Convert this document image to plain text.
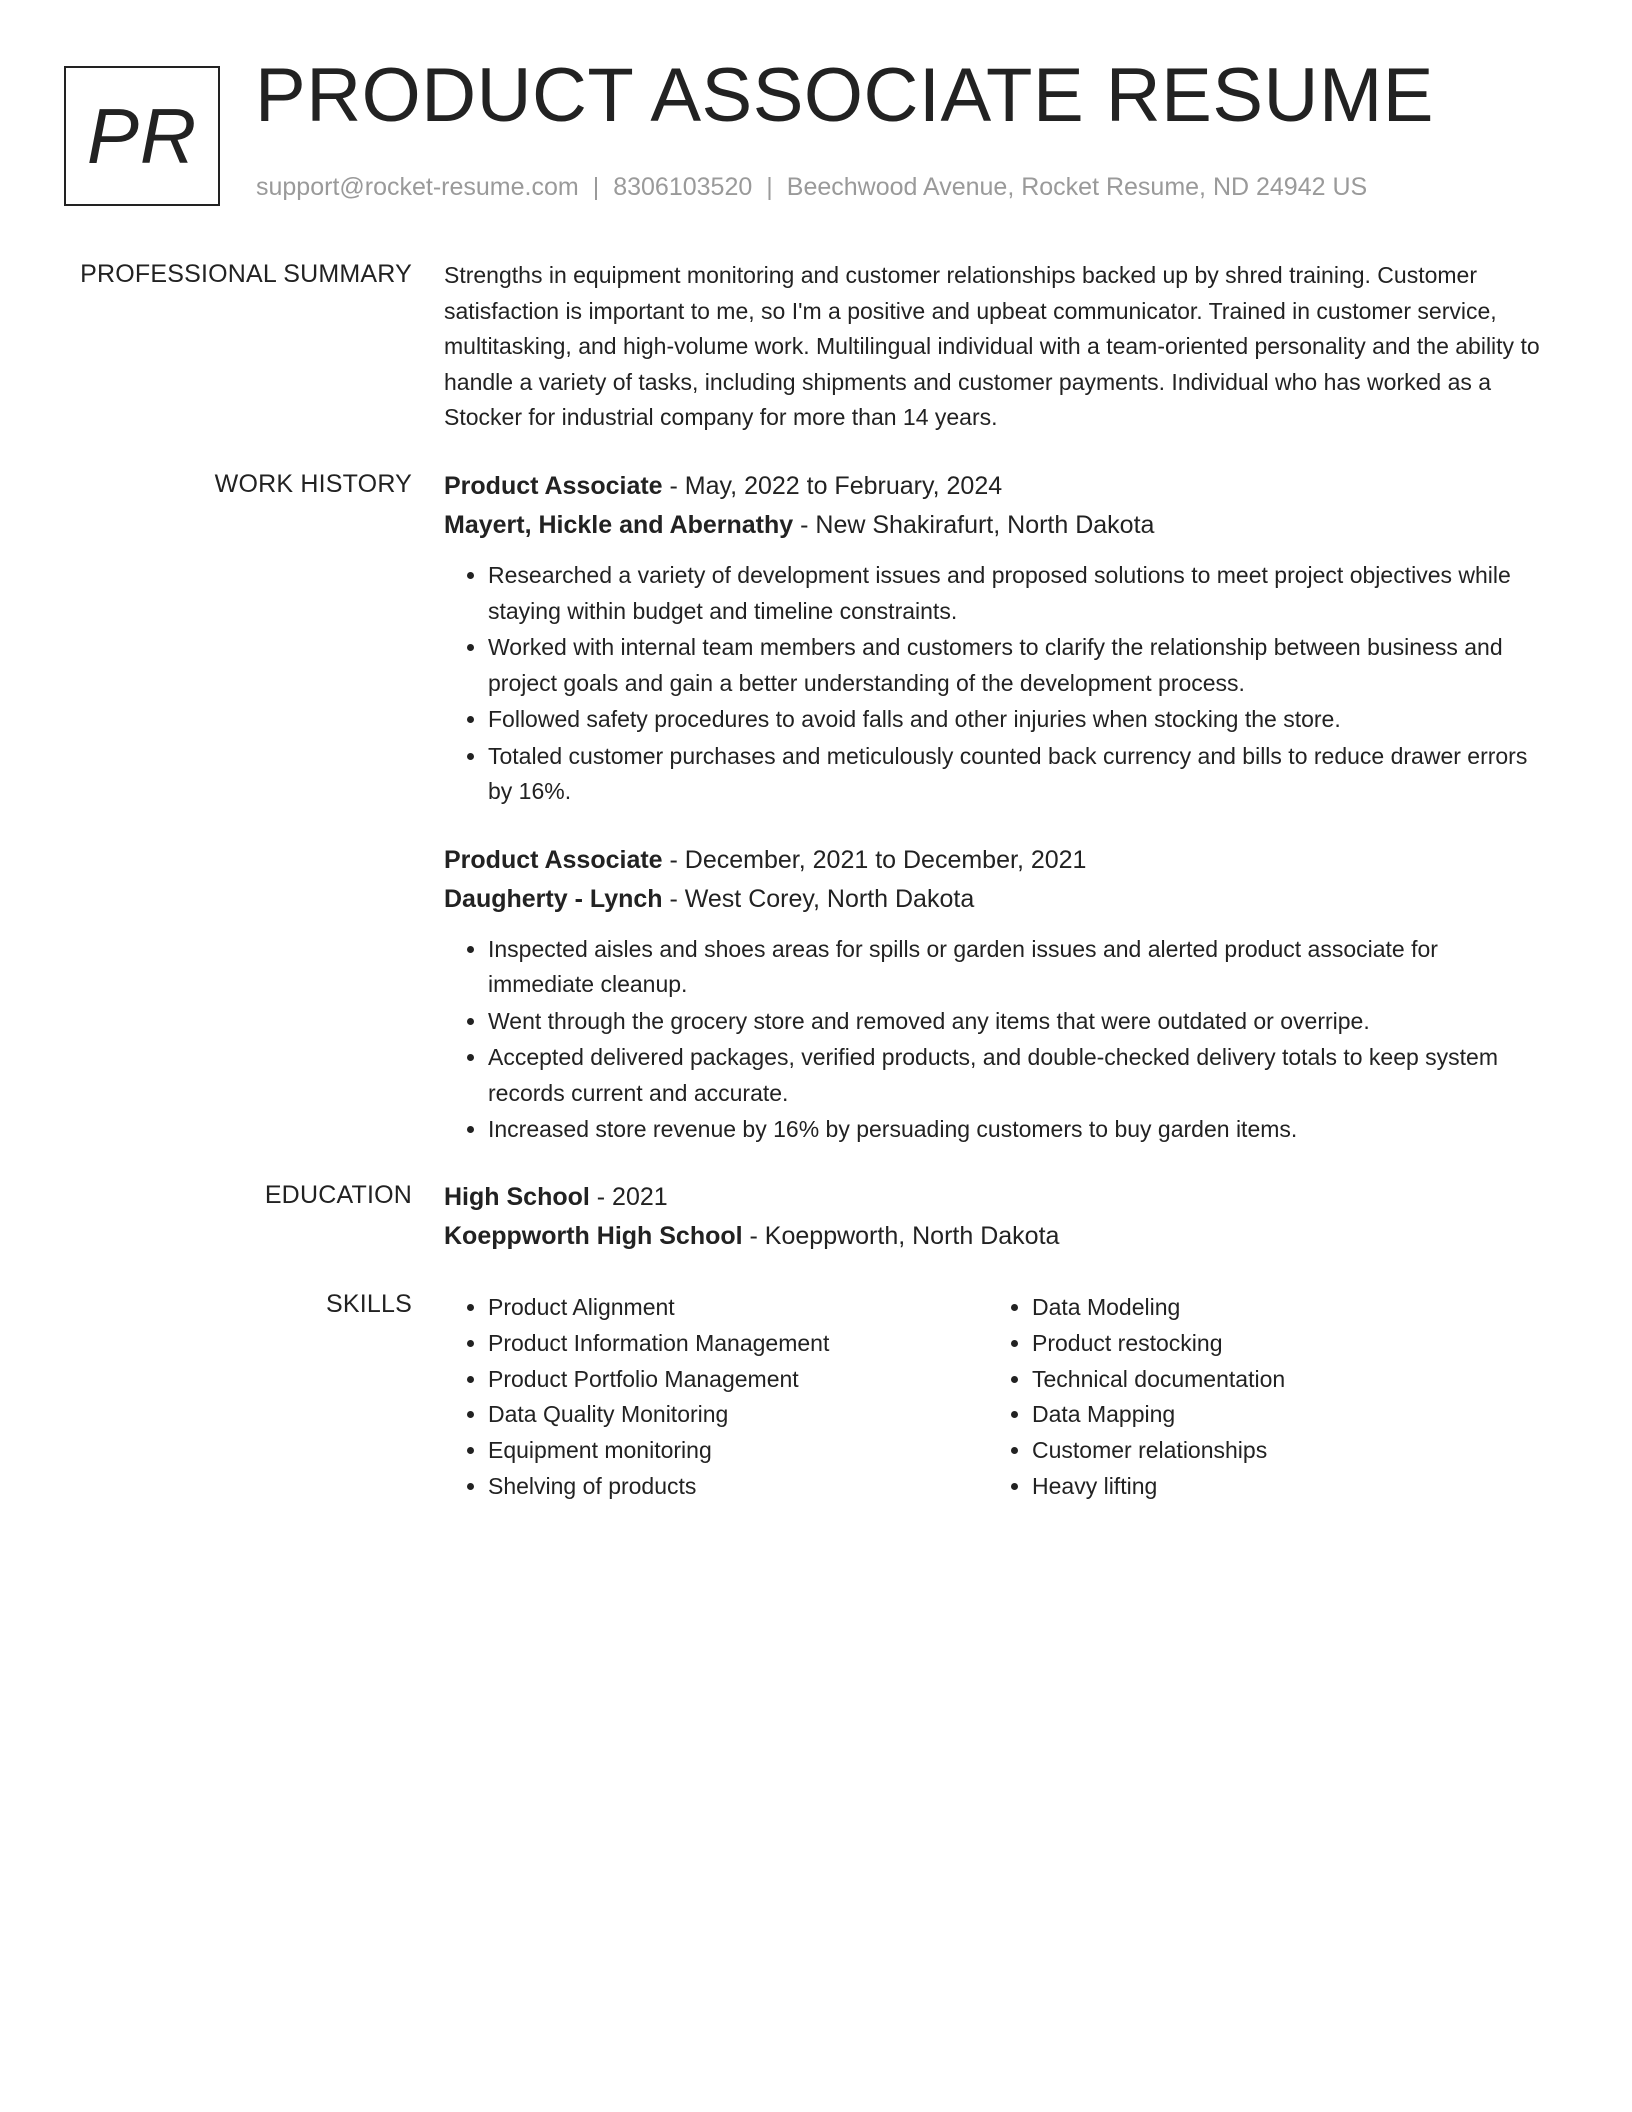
PR PRODUCT ASSOCIATE RESUME
support@rocket-resume.com | 8306103520 | Beechwood Avenue, Rocket Resume, ND 24942 US
PROFESSIONAL SUMMARY Strengths in equipment monitoring and customer relationships backed up by shred training. Customer satisfaction is important to me, so I'm a positive and upbeat communicator. Trained in customer service, multitasking, and high-volume work. Multilingual individual with a team-oriented personality and the ability to handle a variety of tasks, including shipments and customer payments. Individual who has worked as a Stocker for industrial company for more than 14 years.

WORK HISTORY Product Associate - May, 2022 to February, 2024

Mayert, Hickle and Abernathy - New Shakirafurt, North Dakota

• Researched a variety of development issues and proposed solutions to meet project objectives while staying within budget and timeline constraints.
• Worked with internal team members and customers to clarify the relationship between business and project goals and gain a better understanding of the development process.
• Followed safety procedures to avoid falls and other injuries when stocking the store.
• Totaled customer purchases and meticulously counted back currency and bills to reduce drawer errors by 16%.

Product Associate - December, 2021 to December, 2021

Daugherty - Lynch - West Corey, North Dakota

• Inspected aisles and shoes areas for spills or garden issues and alerted product associate for immediate cleanup.
• Went through the grocery store and removed any items that were outdated or overripe.
• Accepted delivered packages, verified products, and double-checked delivery totals to keep system records current and accurate.
• Increased store revenue by 16% by persuading customers to buy garden items.
EDUCATION High School - 2021

Koeppworth High School - Koeppworth, North Dakota

SKILLS
•	Product Alignment
• Product Information Management
• Product Portfolio Management
• Data Quality Monitoring
• Equipment monitoring
• Shelving of products
• Data Modeling
• Product restocking
• Technical documentation
• Data Mapping
• Customer relationships
• Heavy lifting
